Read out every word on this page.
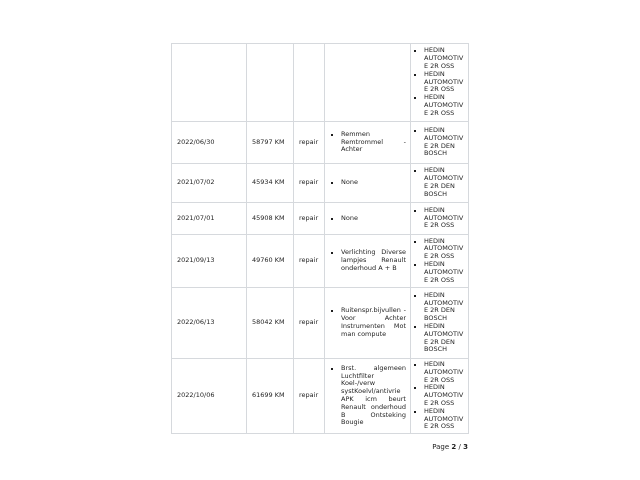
				HEDIN AUTOMOTIVE 2R OSS
HEDIN AUTOMOTIVE 2R OSS
HEDIN AUTOMOTIVE 2R OSS

2022/06/30	58797 KM	repair	Remmen Remtrommel - Achter	HEDIN AUTOMOTIVE 2R DEN BOSCH

2021/07/02	45934 KM	repair	None	HEDIN AUTOMOTIVE 2R DEN BOSCH

2021/07/01	45908 KM	repair	None	HEDIN AUTOMOTIVE 2R OSS

2021/09/13	49760 KM	repair	Verlichting Diverse lampjes Renault onderhoud A + B	HEDIN AUTOMOTIVE 2R OSS
HEDIN AUTOMOTIVE 2R OSS

2022/06/13	58042 KM	repair	Ruitenspr.bijvullen - Voor Achter Instrumenten Mot man compute	HEDIN AUTOMOTIVE 2R DEN BOSCH
HEDIN AUTOMOTIVE 2R DEN BOSCH

2022/10/06	61699 KM	repair	Brst. algemeen Luchtfilter Koel-/verw systKoelvl/antivrie APK icm beurt Renault onderhoud B Ontsteking Bougie	HEDIN AUTOMOTIVE 2R OSS
HEDIN AUTOMOTIVE 2R OSS
HEDIN AUTOMOTIVE 2R OSS
Page 2 / 3
